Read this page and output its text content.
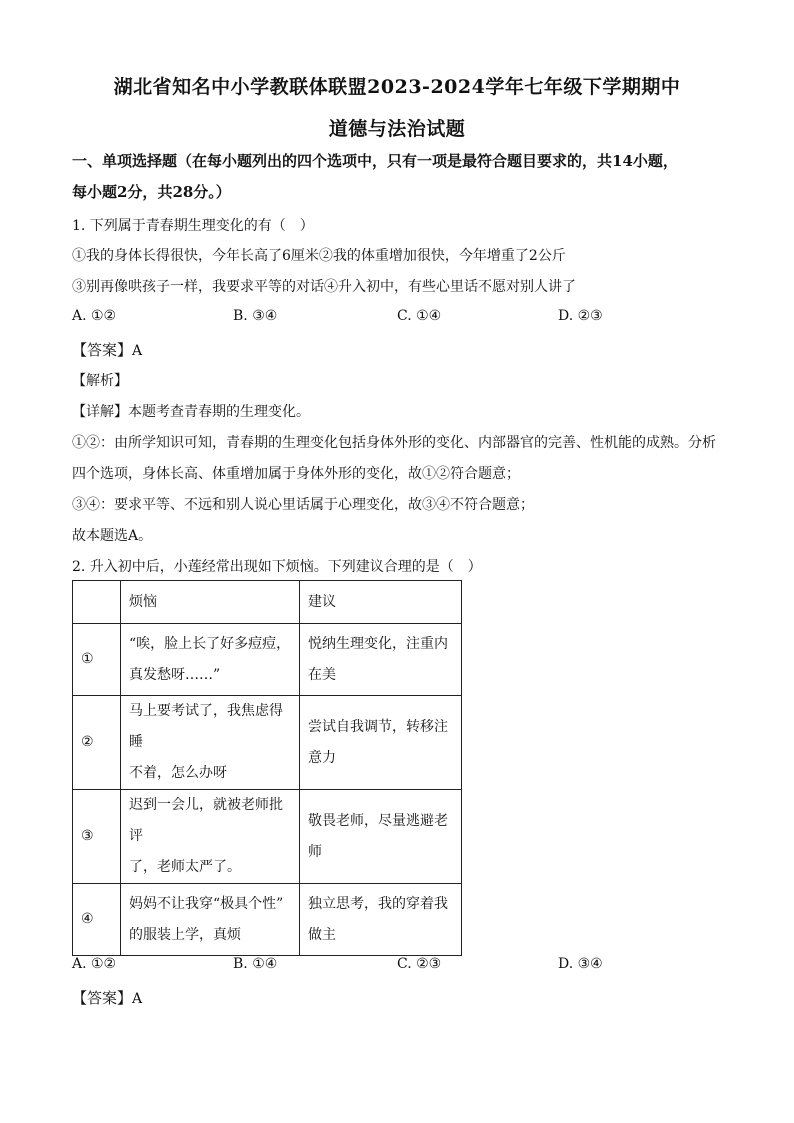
湖北省知名中小学教联体联盟2023-2024学年七年级下学期期中
道德与法治试题
一、单项选择题（在每小题列出的四个选项中，只有一项是最符合题目要求的，共14小题，
每小题2分，共28分。）
1. 下列属于青春期生理变化的有（　）
①我的身体长得很快，今年长高了6厘米②我的体重增加很快，今年增重了2公斤
③别再像哄孩子一样，我要求平等的对话④升入初中，有些心里话不愿对别人讲了
A. ①②	B. ③④	C. ①④	D. ②③
【答案】A
【解析】
【详解】本题考查青春期的生理变化。
①②：由所学知识可知，青春期的生理变化包括身体外形的变化、内部器官的完善、性机能的成熟。分析
四个选项，身体长高、体重增加属于身体外形的变化，故①②符合题意；
③④：要求平等、不远和别人说心里话属于心理变化，故③④不符合题意；
故本题选A。
2. 升入初中后，小莲经常出现如下烦恼。下列建议合理的是（　）
	烦恼	建议
①	“唉，脸上长了好多痘痘，
真发愁呀……”	悦纳生理变化，注重内
在美
②	马上要考试了，我焦虑得睡
不着，怎么办呀	尝试自我调节，转移注
意力
③	迟到一会儿，就被老师批评
了，老师太严了。	敬畏老师，尽量逃避老
师
④	妈妈不让我穿“极具个性”
的服装上学，真烦	独立思考，我的穿着我
做主
A. ①②	B. ①④	C. ②③	D. ③④
【答案】A
